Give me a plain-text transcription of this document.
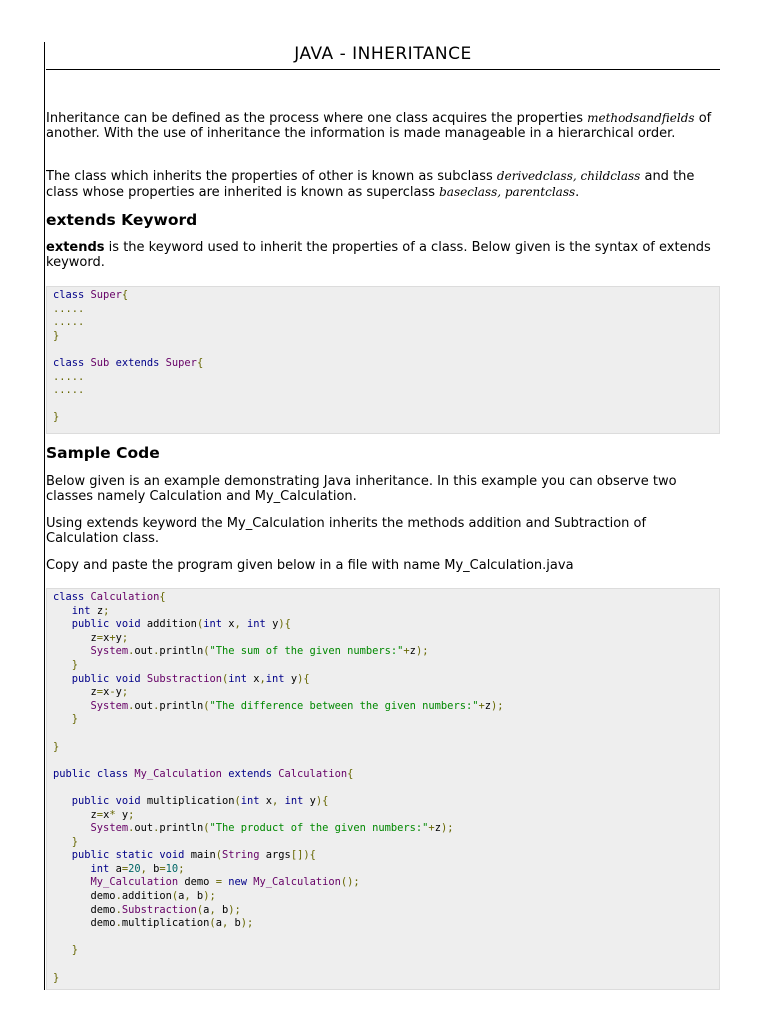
JAVA - INHERITANCE
Inheritance can be defined as the process where one class acquires the properties methodsandfields of another. With the use of inheritance the information is made manageable in a hierarchical order.
The class which inherits the properties of other is known as subclass derivedclass, childclass and the class whose properties are inherited is known as superclass baseclass, parentclass.
extends Keyword
extends is the keyword used to inherit the properties of a class. Below given is the syntax of extends keyword.
class Super{
.....
.....
}

class Sub extends Super{
.....
.....

}

Sample Code
Below given is an example demonstrating Java inheritance. In this example you can observe two classes namely Calculation and My_Calculation.
Using extends keyword the My_Calculation inherits the methods addition and Subtraction of Calculation class.
Copy and paste the program given below in a file with name My_Calculation.java
class Calculation{
int z;
public void addition(int x, int y){
z=x+y;
System.out.println("The sum of the given numbers:"+z);
}
public void Substraction(int x,int y){
z=x-y;
System.out.println("The difference between the given numbers:"+z);
}

}

public class My_Calculation extends Calculation{

public void multiplication(int x, int y){
z=x* y;
System.out.println("The product of the given numbers:"+z);
}
public static void main(String args[]){
int a=20, b=10;
My_Calculation demo = new My_Calculation();
demo.addition(a, b);
demo.Substraction(a, b);
demo.multiplication(a, b);

}

}
